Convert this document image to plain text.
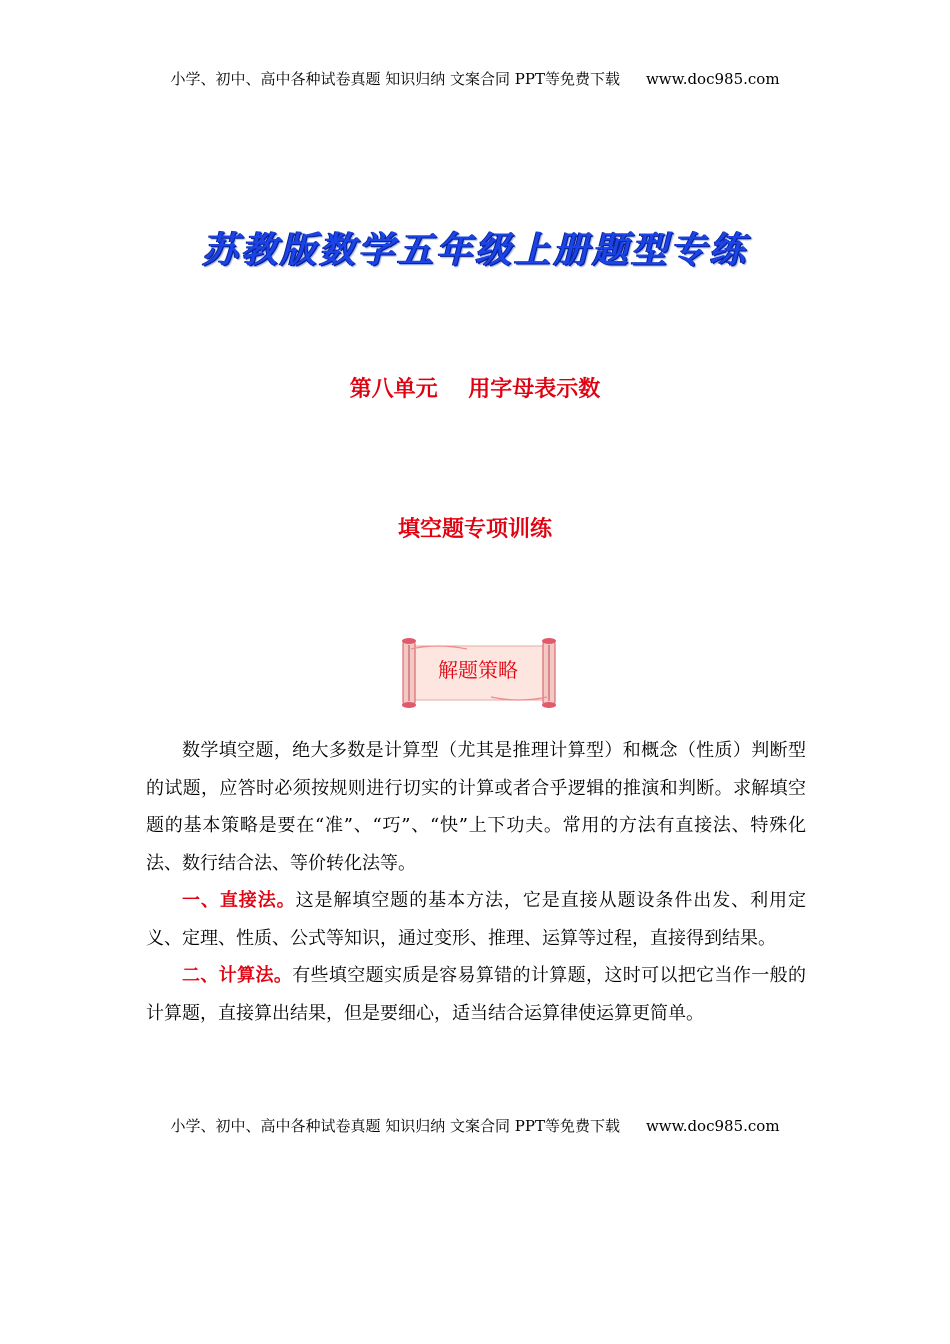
小学、初中、高中各种试卷真题 知识归纳 文案合同 PPT等免费下载 www.doc985.com
苏教版数学五年级上册题型专练
第八单元    用字母表示数
填空题专项训练
解题策略

数学填空题，绝大多数是计算型（尤其是推理计算型）和概念（性质）判断型的试题，应答时必须按规则进行切实的计算或者合乎逻辑的推演和判断。求解填空题的基本策略是要在“准”、“巧”、“快”上下功夫。常用的方法有直接法、特殊化法、数行结合法、等价转化法等。

一、直接法。这是解填空题的基本方法，它是直接从题设条件出发、利用定义、定理、性质、公式等知识，通过变形、推理、运算等过程，直接得到结果。

二、计算法。有些填空题实质是容易算错的计算题，这时可以把它当作一般的计算题，直接算出结果，但是要细心，适当结合运算律使运算更简单。

小学、初中、高中各种试卷真题 知识归纳 文案合同 PPT等免费下载 www.doc985.com
